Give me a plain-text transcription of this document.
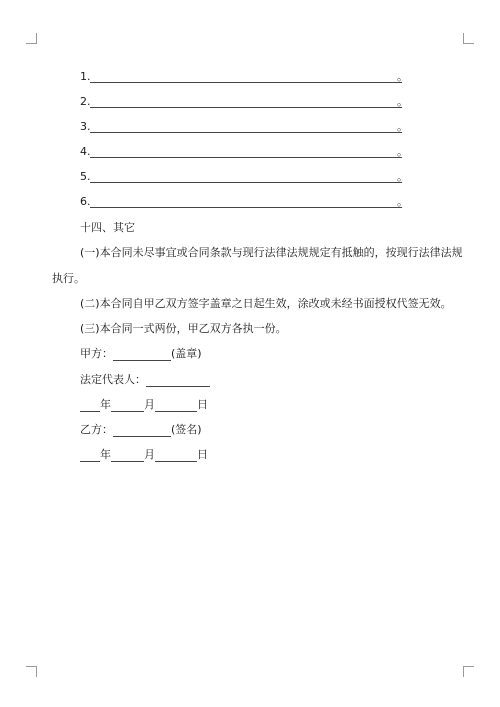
1.	。
2.	。
3.	。
4.	。
5.	。
6.	。
十四、其它
(一)本合同未尽事宜或合同条款与现行法律法规规定有抵触的，按现行法律法规
执行。
(二)本合同自甲乙双方签字盖章之日起生效，涂改或未经书面授权代签无效。
(三)本合同一式两份，甲乙双方各执一份。
甲方：	(盖章)
法定代表人：
年	月	日
乙方：	(签名)
年	月	日
